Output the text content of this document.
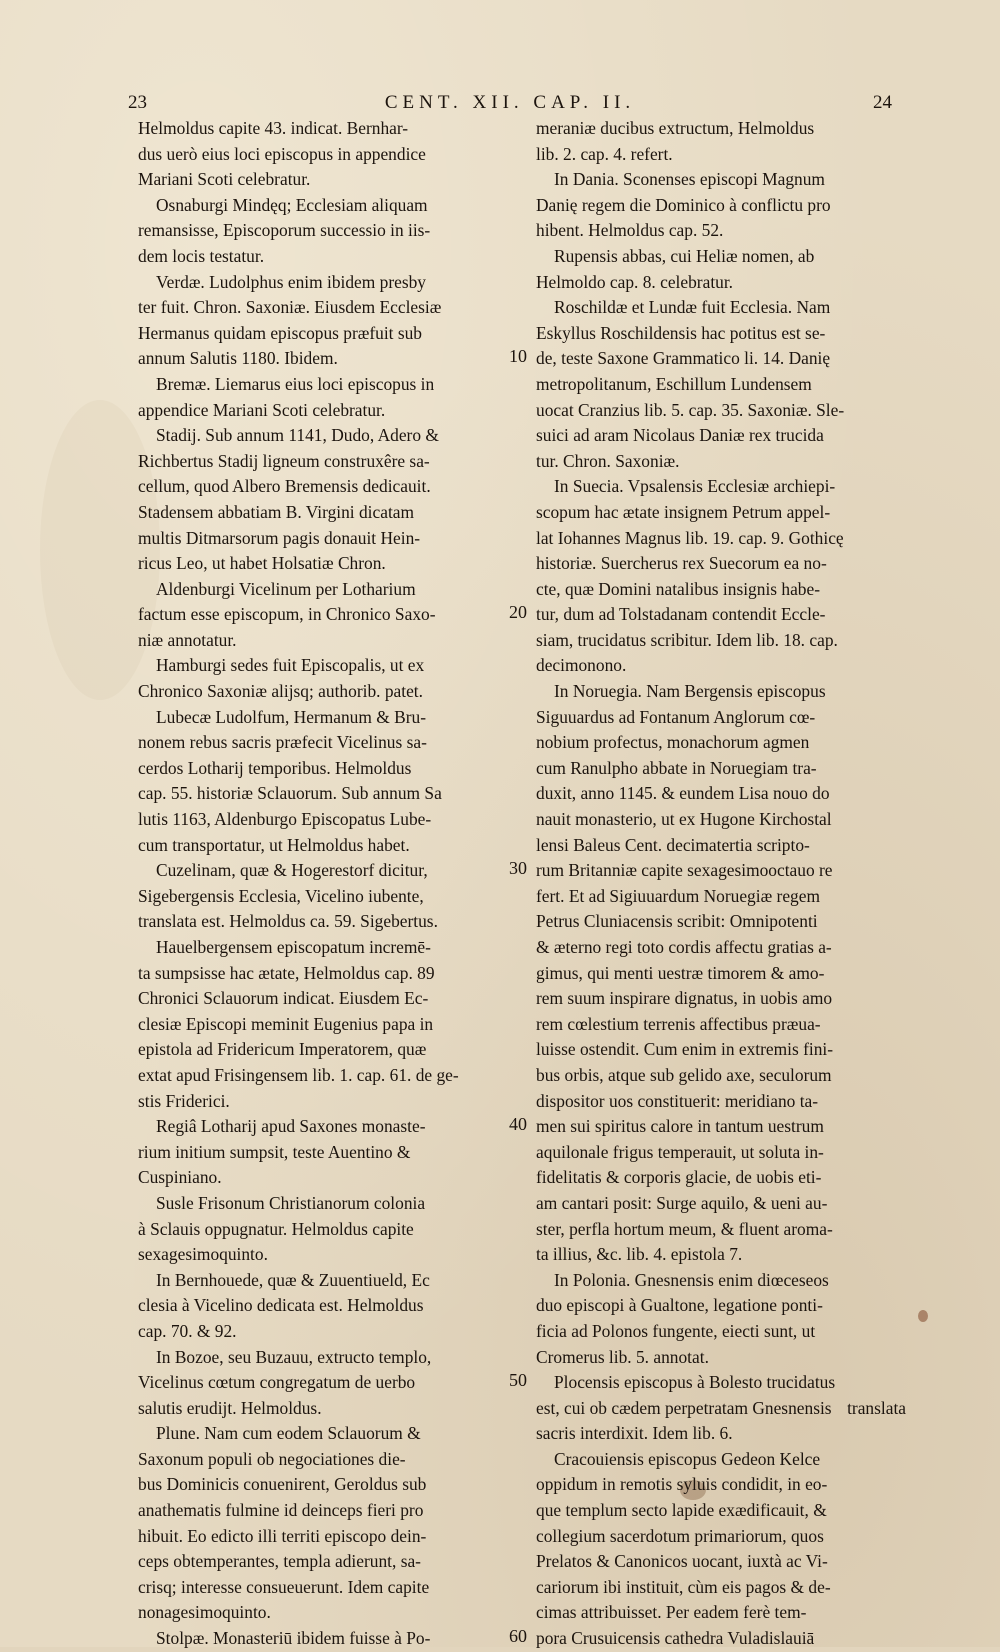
23	CENT. XII. CAP. II.	24
Helmoldus capite 43. indicat. Bernhar-
dus uerò eius loci episcopus in appendice
Mariani Scoti celebratur.
Osnaburgi Mindęq; Ecclesiam aliquam
remansisse, Episcoporum successio in iis-
dem locis testatur.
Verdæ. Ludolphus enim ibidem presby
ter fuit. Chron. Saxoniæ. Eiusdem Ecclesiæ
Hermanus quidam episcopus præfuit sub
annum Salutis 1180. Ibidem.
Bremæ. Liemarus eius loci episcopus in
appendice Mariani Scoti celebratur.
Stadij. Sub annum 1141, Dudo, Adero &
Richbertus Stadij ligneum construxêre sa-
cellum, quod Albero Bremensis dedicauit.
Stadensem abbatiam B. Virgini dicatam
multis Ditmarsorum pagis donauit Hein-
ricus Leo, ut habet Holsatiæ Chron.
Aldenburgi Vicelinum per Lotharium
factum esse episcopum, in Chronico Saxo-
niæ annotatur.
Hamburgi sedes fuit Episcopalis, ut ex
Chronico Saxoniæ alijsq; authorib. patet.
Lubecæ Ludolfum, Hermanum & Bru-
nonem rebus sacris præfecit Vicelinus sa-
cerdos Lotharij temporibus. Helmoldus
cap. 55. historiæ Sclauorum. Sub annum Sa
lutis 1163, Aldenburgo Episcopatus Lube-
cum transportatur, ut Helmoldus habet.
Cuzelinam, quæ & Hogerestorf dicitur,
Sigebergensis Ecclesia, Vicelino iubente,
translata est. Helmoldus ca. 59. Sigebertus.
Hauelbergensem episcopatum incremē-
ta sumpsisse hac ætate, Helmoldus cap. 89
Chronici Sclauorum indicat. Eiusdem Ec-
clesiæ Episcopi meminit Eugenius papa in
epistola ad Fridericum Imperatorem, quæ
extat apud Frisingensem lib. 1. cap. 61. de ge-
stis Friderici.
Regiâ Lotharij apud Saxones monaste-
rium initium sumpsit, teste Auentino &
Cuspiniano.
Susle Frisonum Christianorum colonia
à Sclauis oppugnatur. Helmoldus capite
sexagesimoquinto.
In Bernhouede, quæ & Zuuentiueld, Ec
clesia à Vicelino dedicata est. Helmoldus
cap. 70. & 92.
In Bozoe, seu Buzauu, extructo templo,
Vicelinus cœtum congregatum de uerbo
salutis erudijt. Helmoldus.
Plune. Nam cum eodem Sclauorum &
Saxonum populi ob negociationes die-
bus Dominicis conuenirent, Geroldus sub
anathematis fulmine id deinceps fieri pro
hibuit. Eo edicto illi territi episcopo dein-
ceps obtemperantes, templa adierunt, sa-
crisq; interesse consueuerunt. Idem capite
nonagesimoquinto.
Stolpæ. Monasteriū ibidem fuisse à Po-
10
20
30
40
50
60
meraniæ ducibus extructum, Helmoldus
lib. 2. cap. 4. refert.
In Dania. Sconenses episcopi Magnum
Danię regem die Dominico à conflictu pro
hibent. Helmoldus cap. 52.
Rupensis abbas, cui Heliæ nomen, ab
Helmoldo cap. 8. celebratur.
Roschildæ et Lundæ fuit Ecclesia. Nam
Eskyllus Roschildensis hac potitus est se-
de, teste Saxone Grammatico li. 14. Danię
metropolitanum, Eschillum Lundensem
uocat Cranzius lib. 5. cap. 35. Saxoniæ. Sle-
suici ad aram Nicolaus Daniæ rex trucida
tur. Chron. Saxoniæ.
In Suecia. Vpsalensis Ecclesiæ archiepi-
scopum hac ætate insignem Petrum appel-
lat Iohannes Magnus lib. 19. cap. 9. Gothicę
historiæ. Suercherus rex Suecorum ea no-
cte, quæ Domini natalibus insignis habe-
tur, dum ad Tolstadanam contendit Eccle-
siam, trucidatus scribitur. Idem lib. 18. cap.
decimonono.
In Noruegia. Nam Bergensis episcopus
Siguuardus ad Fontanum Anglorum cœ-
nobium profectus, monachorum agmen
cum Ranulpho abbate in Noruegiam tra-
duxit, anno 1145. & eundem Lisa nouo do
nauit monasterio, ut ex Hugone Kirchostal
lensi Baleus Cent. decimatertia scripto-
rum Britanniæ capite sexagesimooctauo re
fert. Et ad Sigiuuardum Noruegiæ regem
Petrus Cluniacensis scribit: Omnipotenti
& æterno regi toto cordis affectu gratias a-
gimus, qui menti uestræ timorem & amo-
rem suum inspirare dignatus, in uobis amo
rem cœlestium terrenis affectibus præua-
luisse ostendit. Cum enim in extremis fini-
bus orbis, atque sub gelido axe, seculorum
dispositor uos constituerit: meridiano ta-
men sui spiritus calore in tantum uestrum
aquilonale frigus temperauit, ut soluta in-
fidelitatis & corporis glacie, de uobis eti-
am cantari posit: Surge aquilo, & ueni au-
ster, perfla hortum meum, & fluent aroma-
ta illius, &c. lib. 4. epistola 7.
In Polonia. Gnesnensis enim diœceseos
duo episcopi à Gualtone, legatione ponti-
ficia ad Polonos fungente, eiecti sunt, ut
Cromerus lib. 5. annotat.
Plocensis episcopus à Bolesto trucidatus
est, cui ob cædem perpetratam Gnesnensis
sacris interdixit. Idem lib. 6.
Cracouiensis episcopus Gedeon Kelce
oppidum in remotis syluis condidit, in eo-
que templum secto lapide exædificauit, &
collegium sacerdotum primariorum, quos
Prelatos & Canonicos uocant, iuxtà ac Vi-
cariorum ibi instituit, cùm eis pagos & de-
cimas attribuisset. Per eadem ferè tem-
pora Crusuicensis cathedra Vuladislauiā
translata
